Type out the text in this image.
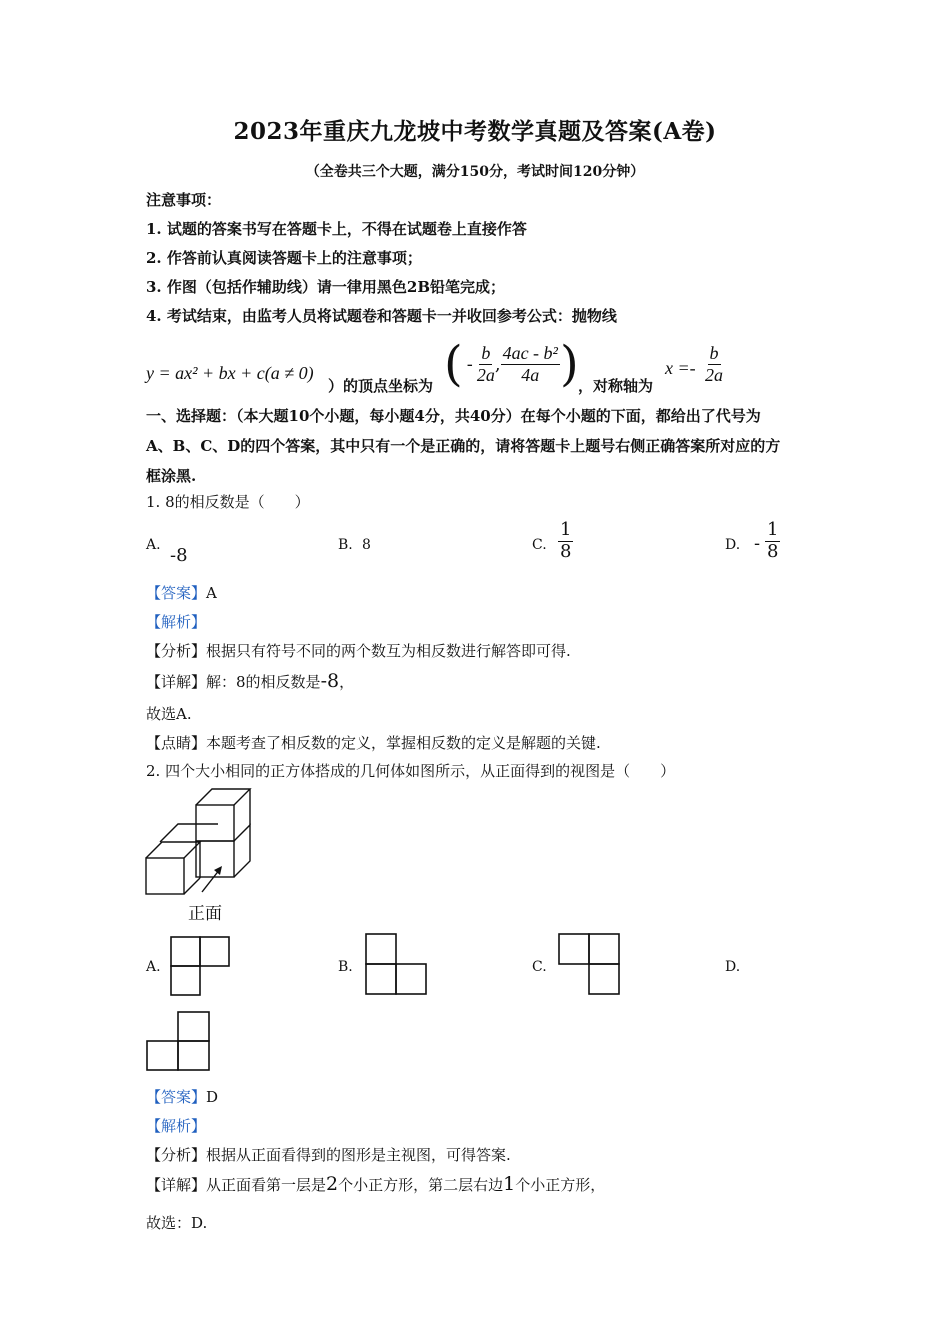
2023年重庆九龙坡中考数学真题及答案(A卷)
（全卷共三个大题，满分150分，考试时间120分钟）
注意事项：
1. 试题的答案书写在答题卡上，不得在试题卷上直接作答
2. 作答前认真阅读答题卡上的注意事项；
3. 作图（包括作辅助线）请一律用黑色2B铅笔完成；
4. 考试结束，由监考人员将试题卷和答题卡一并收回参考公式：抛物线
y = ax² + bx + c(a ≠ 0)
）的顶点坐标为 ( - $\frac{b}{2a}$ , $\frac{\text{4ac - b²}}{4a}$ ) ，对称轴为
$x =- \frac{b}{2a}$
一、选择题：（本大题10个小题，每小题4分，共40分）在每个小题的下面，都给出了代号为
A、B、C、D的四个答案，其中只有一个是正确的，请将答题卡上题号右侧正确答案所对应的方
框涂黑.
1. 8的相反数是（　　）
A. -8	B. 8	C. $\frac{1}{8}$	D. - $\frac{1}{8}$
【答案】A
【解析】
【分析】根据只有符号不同的两个数互为相反数进行解答即可得.
【详解】解：8的相反数是-8，
故选A.
【点睛】本题考查了相反数的定义，掌握相反数的定义是解题的关键.
2. 四个大小相同的正方体搭成的几何体如图所示，从正面得到的视图是（　　）
正面
A.	B.	C.	D.
【答案】D
【解析】
【分析】根据从正面看得到的图形是主视图，可得答案.
【详解】从正面看第一层是2个小正方形，第二层右边1个小正方形，
故选：D.
